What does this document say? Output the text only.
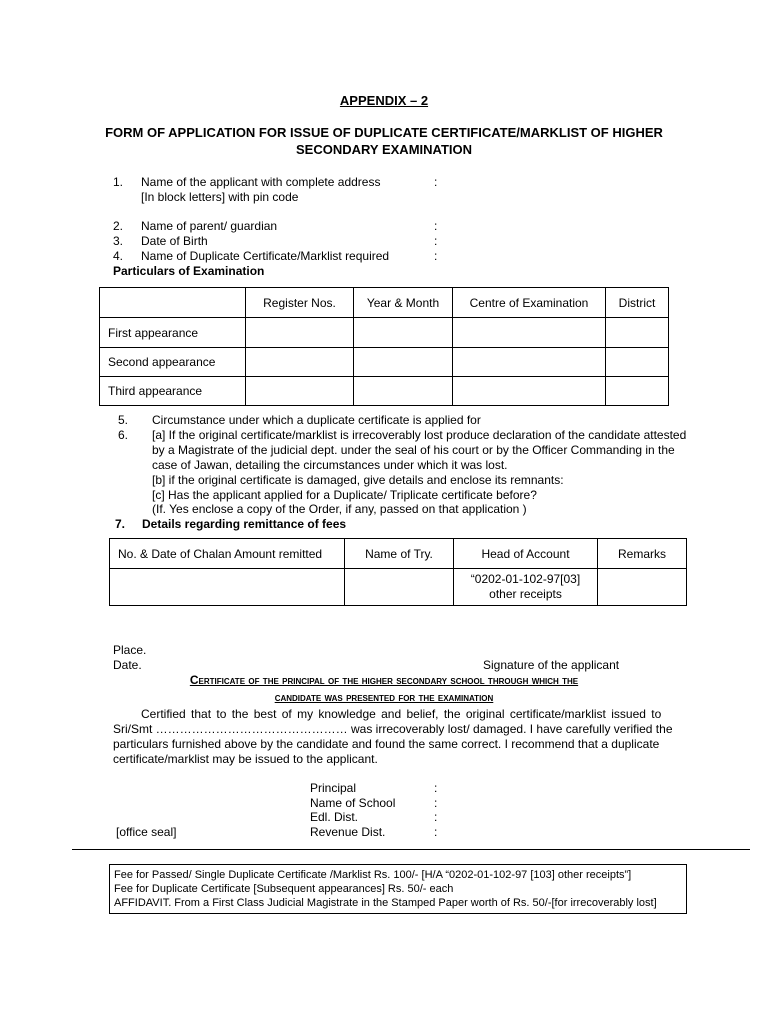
APPENDIX – 2
FORM OF APPLICATION FOR ISSUE OF DUPLICATE CERTIFICATE/MARKLIST OF HIGHER
SECONDARY EXAMINATION
1. Name of the applicant with complete address
[In block letters] with pin code
:
2. Name of parent/ guardian	:
3. Date of Birth	:
4. Name of Duplicate Certificate/Marklist required	:
Particulars of Examination
	Register Nos.	Year & Month	Centre of Examination	District
First appearance				
Second appearance				
Third appearance				
5. Circumstance under which a duplicate certificate is applied for
6. [a] If the original certificate/marklist is irrecoverably lost produce declaration of the candidate attested
by a Magistrate of the judicial dept. under the seal of his court or by the Officer Commanding in the
case of Jawan, detailing the circumstances under which it was lost.
[b] if the original certificate is damaged, give details and enclose its remnants:
[c] Has the applicant applied for a Duplicate/ Triplicate certificate before?
(If. Yes enclose a copy of the Order, if any, passed on that application )
7. Details regarding remittance of fees
No. & Date of Chalan Amount remitted	Name of Try.	Head of Account	Remarks

		“0202-01-102-97[03]
other receipts	

Place.
Date.	Signature of the applicant
Certificate of the principal of the higher secondary school through which the
candidate was presented for the examination
Certified that to the best of my knowledge and belief, the original certificate/marklist issued to
Sri/Smt ………………………………………… was irrecoverably lost/ damaged. I have carefully verified the
particulars furnished above by the candidate and found the same correct. I recommend that a duplicate
certificate/marklist may be issued to the applicant.
Principal	:
Name of School	:
Edl. Dist.	:
[office seal]	Revenue Dist.	:
Fee for Passed/ Single Duplicate Certificate /Marklist Rs. 100/- [H/A “0202-01-102-97 [103] other receipts”]
Fee for Duplicate Certificate [Subsequent appearances] Rs. 50/- each
AFFIDAVIT. From a First Class Judicial Magistrate in the Stamped Paper worth of Rs. 50/-[for irrecoverably lost]
